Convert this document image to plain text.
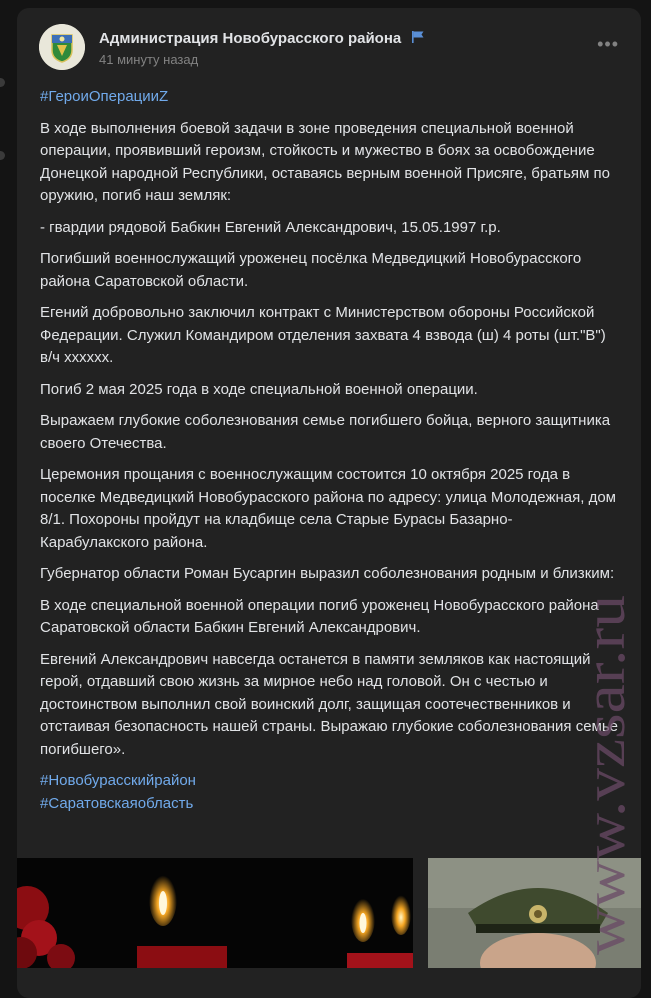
Администрация Новобурасского района
41 минуту назад
•••

#ГероиОперацииZ

В ходе выполнения боевой задачи в зоне проведения специальной военной операции, проявивший героизм, стойкость и мужество в боях за освобождение Донецкой народной Республики, оставаясь верным военной Присяге, братьям по оружию, погиб наш земляк:

- гвардии рядовой Бабкин Евгений Александрович, 15.05.1997 г.р.

Погибший военнослужащий уроженец посёлка Медведицкий Новобурасского района Саратовской области.

Егений добровольно заключил контракт с Министерством обороны Российской Федерации. Служил Командиром отделения захвата 4 взвода (ш) 4 роты (шт."В") в/ч xxxxxx.

Погиб 2 мая 2025 года в ходе специальной военной операции.

Выражаем глубокие соболезнования семье погибшего бойца, верного защитника своего Отечества.

Церемония прощания с военнослужащим состоится 10 октября 2025 года в поселке Медведицкий Новобурасского района по адресу: улица Молодежная, дом 8/1. Похороны пройдут на кладбище села Старые Бурасы Базарно- Карабулакского района.

Губернатор области Роман Бусаргин выразил соболезнования родным и близким:

В ходе специальной военной операции погиб уроженец Новобурасского района Саратовской области Бабкин Евгений Александрович.

Евгений Александрович навсегда останется в памяти земляков как настоящий герой, отдавший свою жизнь за мирное небо над головой. Он с честью и достоинством выполнил свой воинский долг, защищая соотечественников и отстаивая безопасность нашей страны. Выражаю глубокие соболезнования семье погибшего».

#Новобурасскийрайон
#Саратовскаяобласть	www.vzsar.ru
